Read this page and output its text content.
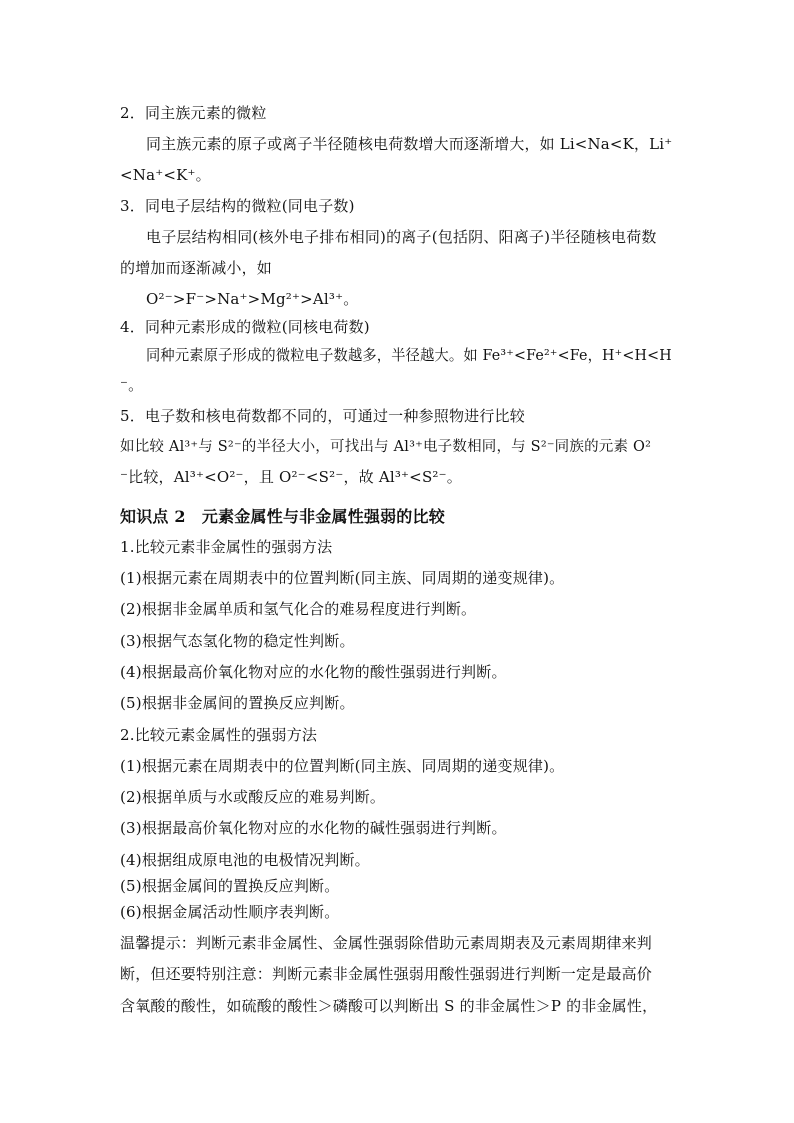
2．同主族元素的微粒
同主族元素的原子或离子半径随核电荷数增大而逐渐增大，如 Li<Na<K，Li⁺
<Na⁺<K⁺。
3．同电子层结构的微粒(同电子数)
电子层结构相同(核外电子排布相同)的离子(包括阴、阳离子)半径随核电荷数
的增加而逐渐减小，如
O²⁻>F⁻>Na⁺>Mg²⁺>Al³⁺。
4．同种元素形成的微粒(同核电荷数)
同种元素原子形成的微粒电子数越多，半径越大。如 Fe³⁺<Fe²⁺<Fe，H⁺<H<H
⁻。
5．电子数和核电荷数都不同的，可通过一种参照物进行比较
如比较 Al³⁺与 S²⁻的半径大小，可找出与 Al³⁺电子数相同，与 S²⁻同族的元素 O²
⁻比较，Al³⁺<O²⁻，且 O²⁻<S²⁻，故 Al³⁺<S²⁻。
知识点 2　元素金属性与非金属性强弱的比较
1.比较元素非金属性的强弱方法
(1)根据元素在周期表中的位置判断(同主族、同周期的递变规律)。
(2)根据非金属单质和氢气化合的难易程度进行判断。
(3)根据气态氢化物的稳定性判断。
(4)根据最高价氧化物对应的水化物的酸性强弱进行判断。
(5)根据非金属间的置换反应判断。
2.比较元素金属性的强弱方法
(1)根据元素在周期表中的位置判断(同主族、同周期的递变规律)。
(2)根据单质与水或酸反应的难易判断。
(3)根据最高价氧化物对应的水化物的碱性强弱进行判断。
(4)根据组成原电池的电极情况判断。
(5)根据金属间的置换反应判断。
(6)根据金属活动性顺序表判断。
温馨提示：判断元素非金属性、金属性强弱除借助元素周期表及元素周期律来判
断，但还要特别注意：判断元素非金属性强弱用酸性强弱进行判断一定是最高价
含氧酸的酸性，如硫酸的酸性＞磷酸可以判断出 S 的非金属性＞P 的非金属性，
